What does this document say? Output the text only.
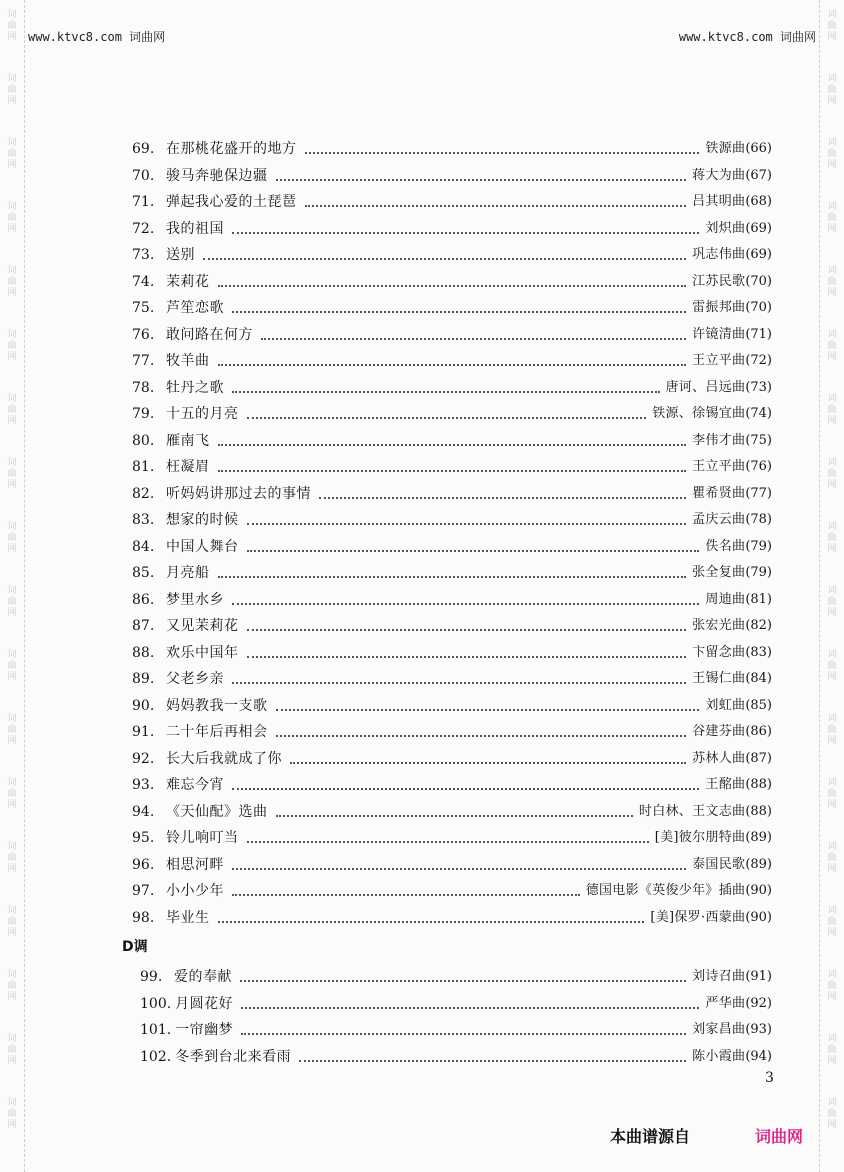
词曲网
词曲网
词曲网
词曲网
词曲网
词曲网
词曲网
词曲网
词曲网
词曲网
词曲网
词曲网
词曲网
词曲网
词曲网
词曲网
词曲网
词曲网
词曲网
词曲网
词曲网
词曲网
词曲网
词曲网
词曲网
词曲网
词曲网
词曲网
词曲网
词曲网
词曲网
词曲网
词曲网
词曲网
词曲网
词曲网
www.ktvc8.com 词曲网	www.ktvc8.com 词曲网
69. 在那桃花盛开的地方	铁源曲 (66)
70. 骏马奔驰保边疆	蒋大为曲 (67)
71. 弹起我心爱的土琵琶	吕其明曲 (68)
72. 我的祖国	刘炽曲 (69)
73. 送别	巩志伟曲 (69)
74. 茉莉花	江苏民歌 (70)
75. 芦笙恋歌	雷振邦曲 (70)
76. 敢问路在何方	许镜清曲 (71)
77. 牧羊曲	王立平曲 (72)
78. 牡丹之歌	唐诃、吕远曲 (73)
79. 十五的月亮	铁源、徐锡宜曲 (74)
80. 雁南飞	李伟才曲 (75)
81. 枉凝眉	王立平曲 (76)
82. 听妈妈讲那过去的事情	瞿希贤曲 (77)
83. 想家的时候	孟庆云曲 (78)
84. 中国人舞台	佚名曲 (79)
85. 月亮船	张全复曲 (79)
86. 梦里水乡	周迪曲 (81)
87. 又见茉莉花	张宏光曲 (82)
88. 欢乐中国年	卞留念曲 (83)
89. 父老乡亲	王锡仁曲 (84)
90. 妈妈教我一支歌	刘虹曲 (85)
91. 二十年后再相会	谷建芬曲 (86)
92. 长大后我就成了你	苏林人曲 (87)
93. 难忘今宵	王酩曲 (88)
94. 《天仙配》选曲	时白林、王文志曲 (88)
95. 铃儿响叮当	[美]彼尔朋特曲 (89)
96. 相思河畔	泰国民歌 (89)
97. 小小少年	德国电影《英俊少年》插曲 (90)
98. 毕业生	[美]保罗·西蒙曲 (90)
99. 爱的奉献	刘诗召曲 (91)
100. 月圆花好	严华曲 (92)
101. 一帘幽梦	刘家昌曲 (93)
102. 冬季到台北来看雨	陈小霞曲 (94)
D调
3
本曲谱源自	词曲网
